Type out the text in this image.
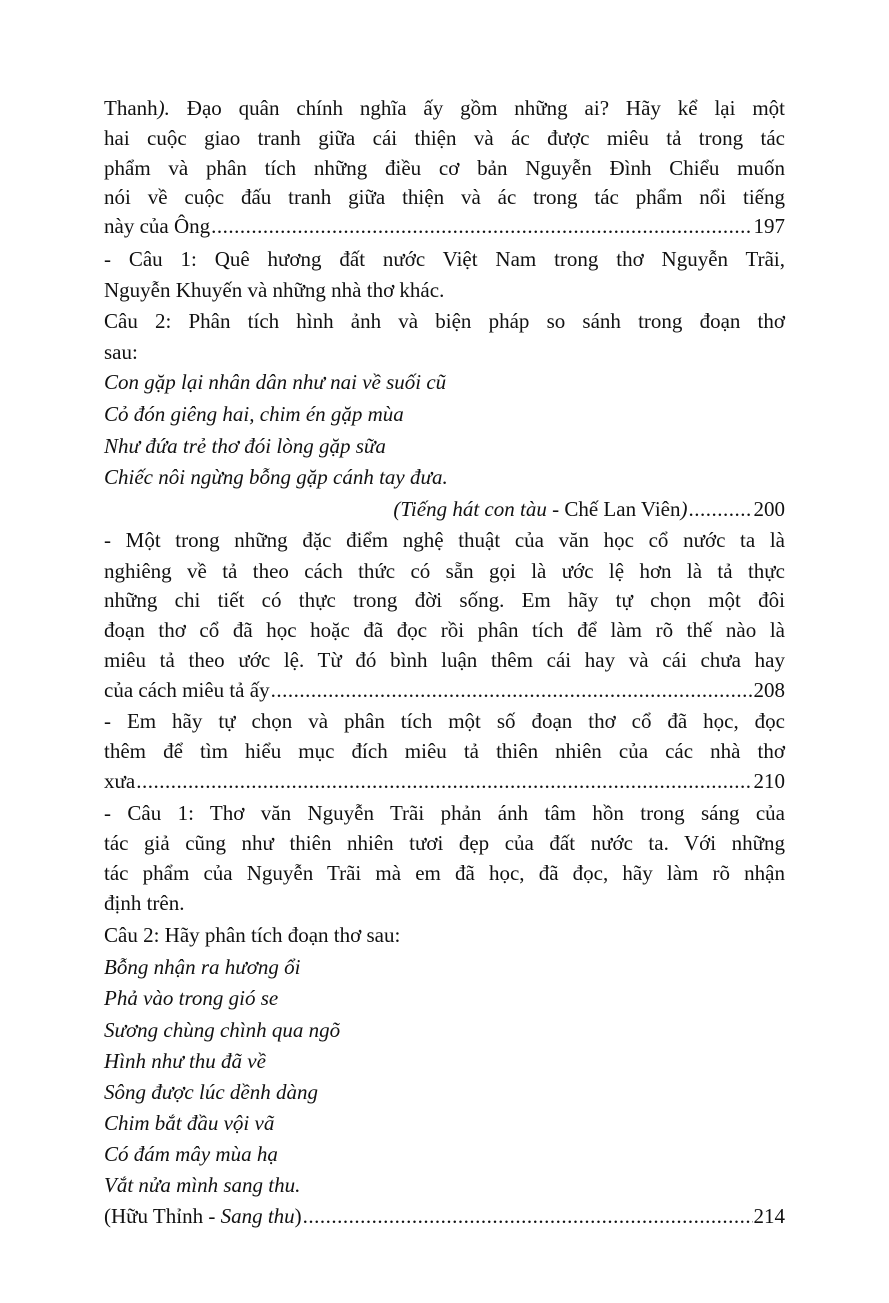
Thanh). Đạo quân chính nghĩa ấy gồm những ai? Hãy kể lại một
hai cuộc giao tranh giữa cái thiện và ác được miêu tả trong tác
phẩm và phân tích những điều cơ bản Nguyễn Đình Chiểu muốn
nói về cuộc đấu tranh giữa thiện và ác trong tác phẩm nổi tiếng
này của Ông .....	197
- Câu 1: Quê hương đất nước Việt Nam trong thơ Nguyễn Trãi,
Nguyễn Khuyến và những nhà thơ khác.
Câu 2: Phân tích hình ảnh và biện pháp so sánh trong đoạn thơ
sau:
Con gặp lại nhân dân như nai về suối cũ
Cỏ đón giêng hai, chim én gặp mùa
Như đứa trẻ thơ đói lòng gặp sữa
Chiếc nôi ngừng bỗng gặp cánh tay đưa.
(Tiếng hát con tàu - Chế Lan Viên) .....	200
- Một trong những đặc điểm nghệ thuật của văn học cổ nước ta là
nghiêng về tả theo cách thức có sẵn gọi là ước lệ hơn là tả thực
những chi tiết có thực trong đời sống. Em hãy tự chọn một đôi
đoạn thơ cổ đã học hoặc đã đọc rồi phân tích để làm rõ thế nào là
miêu tả theo ước lệ. Từ đó bình luận thêm cái hay và cái chưa hay
của cách miêu tả ấy .....	208
- Em hãy tự chọn và phân tích một số đoạn thơ cổ đã học, đọc
thêm để tìm hiểu mục đích miêu tả thiên nhiên của các nhà thơ
xưa .....	210
- Câu 1: Thơ văn Nguyễn Trãi phản ánh tâm hồn trong sáng của
tác giả cũng như thiên nhiên tươi đẹp của đất nước ta. Với những
tác phẩm của Nguyễn Trãi mà em đã học, đã đọc, hãy làm rõ nhận
định trên.
Câu 2: Hãy phân tích đoạn thơ sau:
Bỗng nhận ra hương ổi
Phả vào trong gió se
Sương chùng chình qua ngõ
Hình như thu đã về
Sông được lúc dềnh dàng
Chim bắt đầu vội vã
Có đám mây mùa hạ
Vắt nửa mình sang thu.
(Hữu Thỉnh - Sang thu) .....	214
